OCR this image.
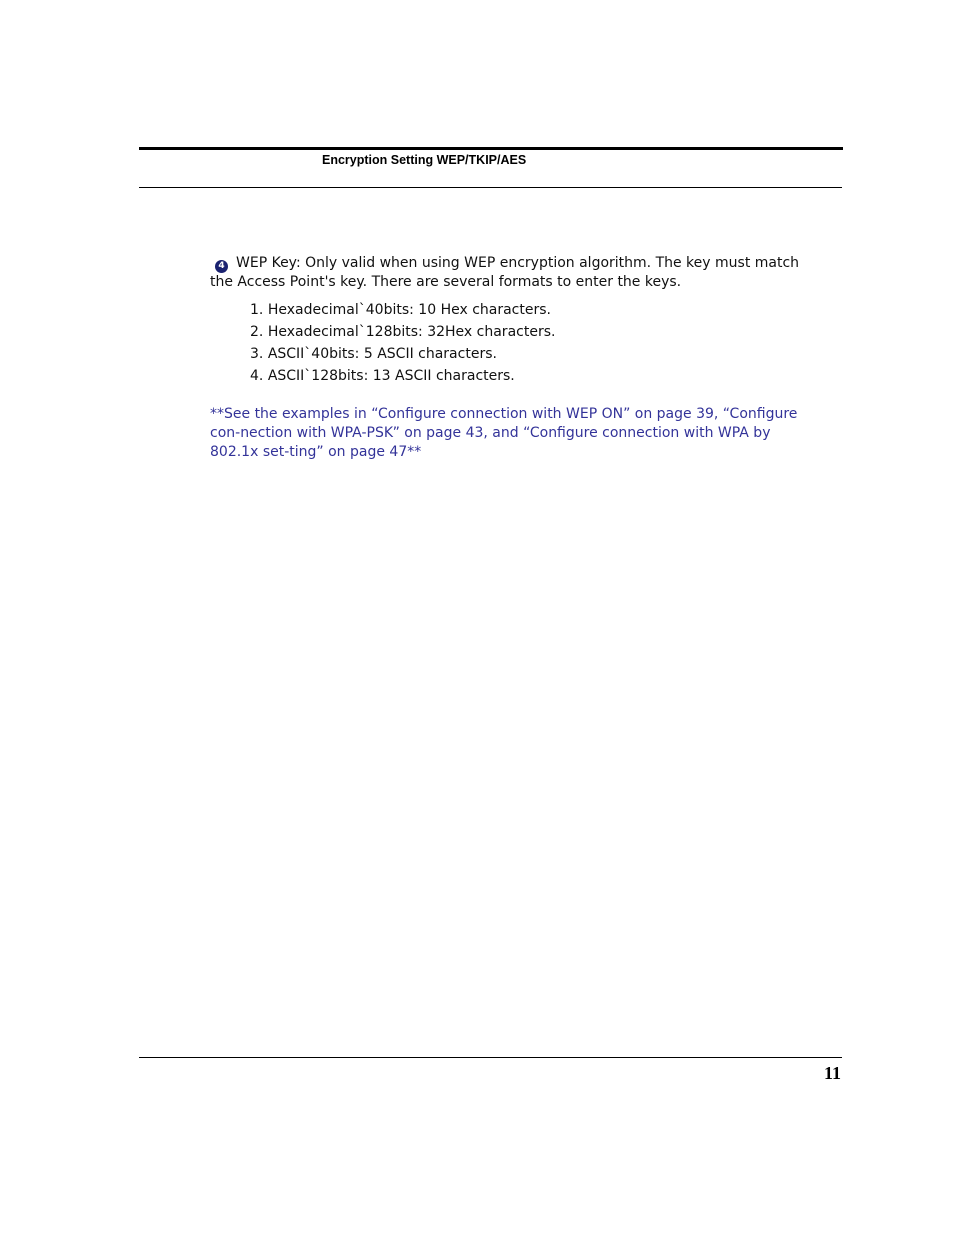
Encryption Setting WEP/TKIP/AES

4 WEP Key: Only valid when using WEP encryption algorithm. The key must match the Access Point's key. There are several formats to enter the keys.

1. Hexadecimal`40bits: 10 Hex characters.
2. Hexadecimal`128bits: 32Hex characters.
3. ASCII`40bits: 5 ASCII characters.
4. ASCII`128bits: 13 ASCII characters.

**See the examples in “Configure connection with WEP ON” on page 39, “Configure con-nection with WPA-PSK” on page 43, and “Configure connection with WPA by 802.1x set-ting” on page 47**

11
